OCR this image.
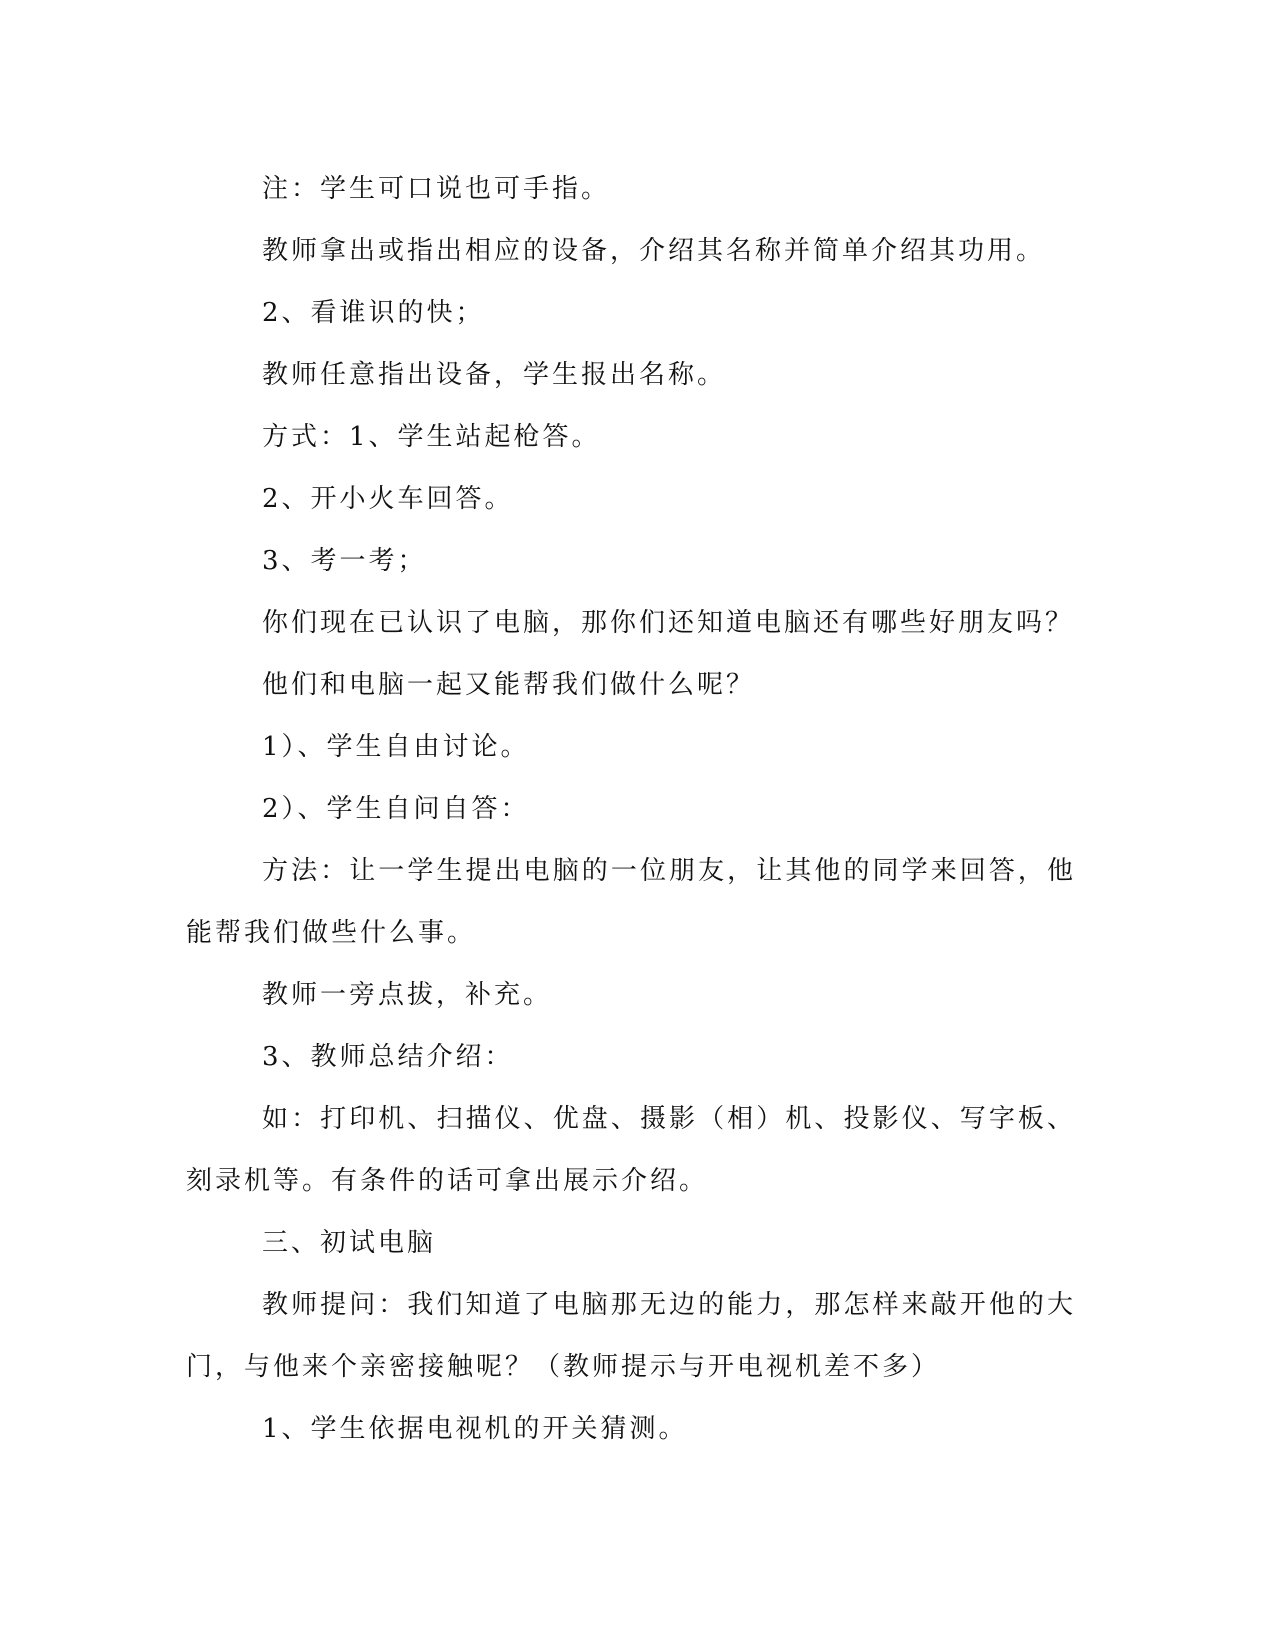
注：学生可口说也可手指。

教师拿出或指出相应的设备，介绍其名称并简单介绍其功用。

2、看谁识的快；

教师任意指出设备，学生报出名称。

方式：1、学生站起枪答。

2、开小火车回答。

3、考一考；

你们现在已认识了电脑，那你们还知道电脑还有哪些好朋友吗？

他们和电脑一起又能帮我们做什么呢？

1）、学生自由讨论。

2）、学生自问自答：

方法：让一学生提出电脑的一位朋友，让其他的同学来回答，他能帮我们做些什么事。

教师一旁点拔，补充。

3、教师总结介绍：

如：打印机、扫描仪、优盘、摄影（相）机、投影仪、写字板、刻录机等。有条件的话可拿出展示介绍。

三、初试电脑

教师提问：我们知道了电脑那无边的能力，那怎样来敲开他的大门，与他来个亲密接触呢？（教师提示与开电视机差不多）

1、学生依据电视机的开关猜测。
